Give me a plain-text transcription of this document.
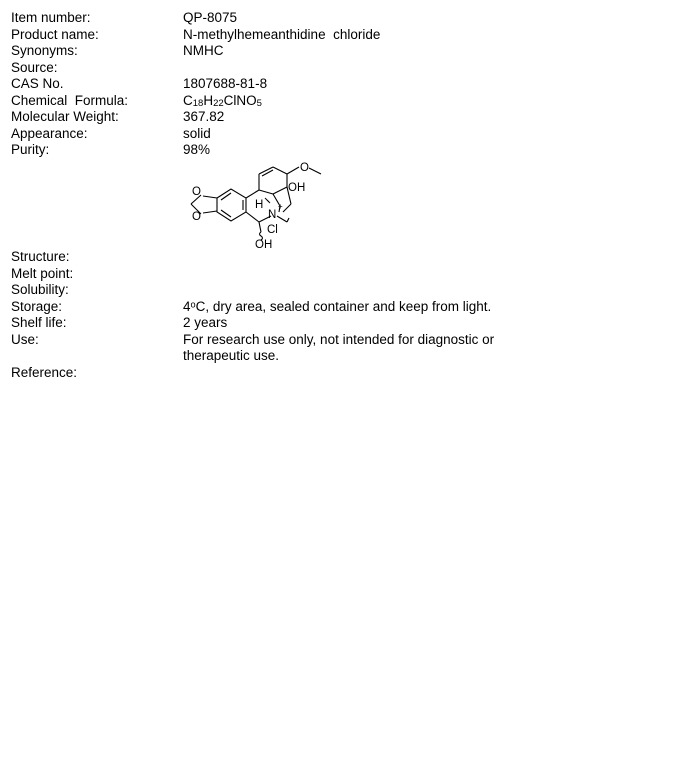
Item number:	QP-8075
Product name:	N-methylhemeanthidine  chloride
Synonyms:	NMHC
Source:
CAS No.	1807688-81-8
Chemical  Formula:	$C_{18}H_{22}ClNO_5$
Molecular Weight:	367.82
Appearance:	solid
Purity:	98%
Structure:
O
O
O
OH
H
N
+
Cl
OH
Melt point:
Solubility:
Storage:	4ᵒC, dry area, sealed container and keep from light.
Shelf life:	2 years
Use:	For research use only, not intended for diagnostic or therapeutic use.
Reference:
